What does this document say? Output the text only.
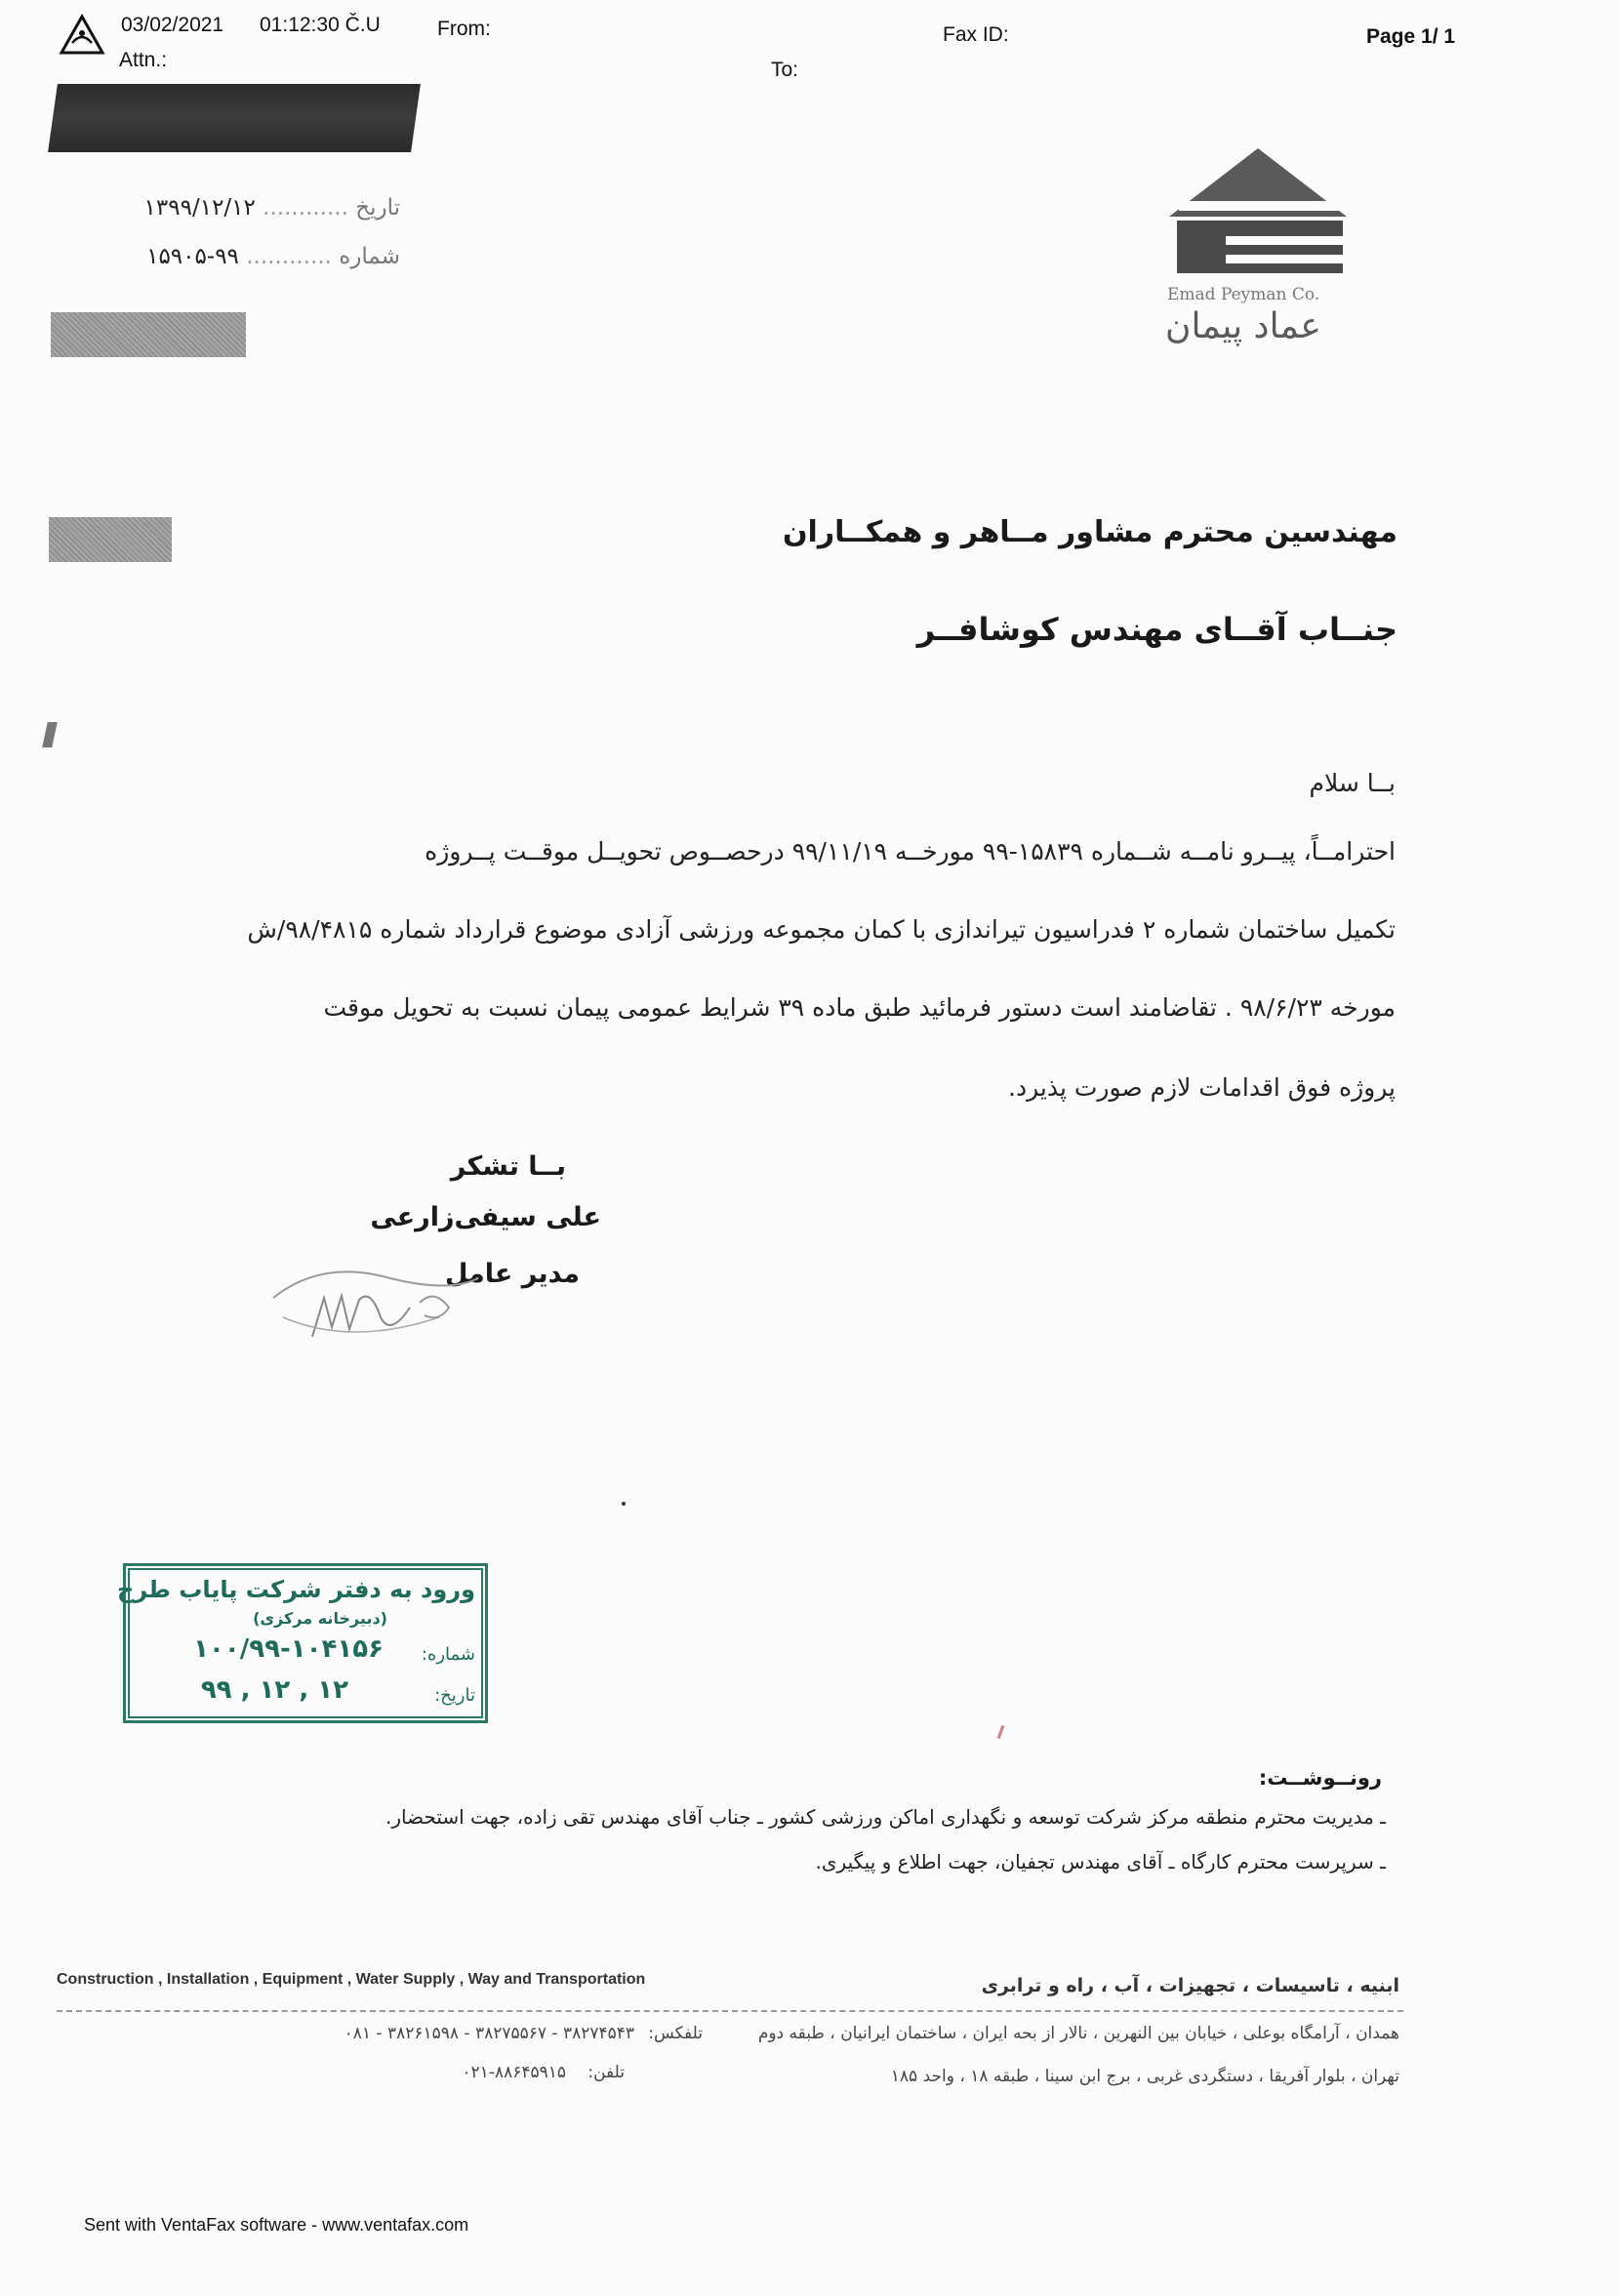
03/02/2021 01:12:30 Č.U	From:
Attn.:
Fax ID:
To:
Page 1/ 1
تاریخ ............ ۱۳۹۹/۱۲/۱۲
شماره ............ ۹۹-۱۵۹۰۵
Emad Peyman Co.
عماد پیمان
مهندسین محترم مشاور مــاهر و همکــاران
جنــاب آقــای مهندس کوشافــر
بــا سلام
احترامــاً، پیــرو نامــه شــماره ۱۵۸۳۹-۹۹ مورخــه ۹۹/۱۱/۱۹ درحصــوص تحویــل موقــت پــروژه
تکمیل ساختمان شماره ۲ فدراسیون تیراندازی با کمان مجموعه ورزشی آزادی موضوع قرارداد شماره ۹۸/۴۸۱۵/ش
مورخه ۹۸/۶/۲۳ . تقاضامند است دستور فرمائید طبق ماده ۳۹ شرایط عمومی پیمان نسبت به تحویل موقت
پروژه فوق اقدامات لازم صورت پذیرد.
بــا تشکر
علی سیفی‌زارعی
مدیر عامل
ورود به دفتر شرکت پایاب طرح
(دبیرخانه مرکزی)
شماره:
۱۰۰/۹۹-۱۰۴۱۵۶
تاریخ:
۹۹ , ۱۲ , ۱۲
رونــوشــت:
ـ مدیریت محترم منطقه مرکز شرکت توسعه و نگهداری اماکن ورزشی کشور ـ جناب آقای مهندس تقی زاده، جهت استحضار.
ـ سرپرست محترم کارگاه ـ آقای مهندس تجفیان، جهت اطلاع و پیگیری.
Construction , Installation , Equipment , Water Supply , Way and Transportation	ابنیه ، تاسیسات ، تجهیزات ، آب ، راه و ترابری
همدان ، آرامگاه بوعلی ، خیابان بین النهرین ، نالار از بحه ایران ، ساختمان ایرانیان ، طبقه دوم
تلفکس:
۰۸۱ - ۳۸۲۶۱۵۹۸ - ۳۸۲۷۵۵۶۷ - ۳۸۲۷۴۵۴۳
تهران ، بلوار آفریقا ، دستگردی غربی ، برج ابن سینا ، طبقه ۱۸ ، واحد ۱۸۵
تلفن:
۰۲۱-۸۸۶۴۵۹۱۵
Sent with VentaFax software - www.ventafax.com
